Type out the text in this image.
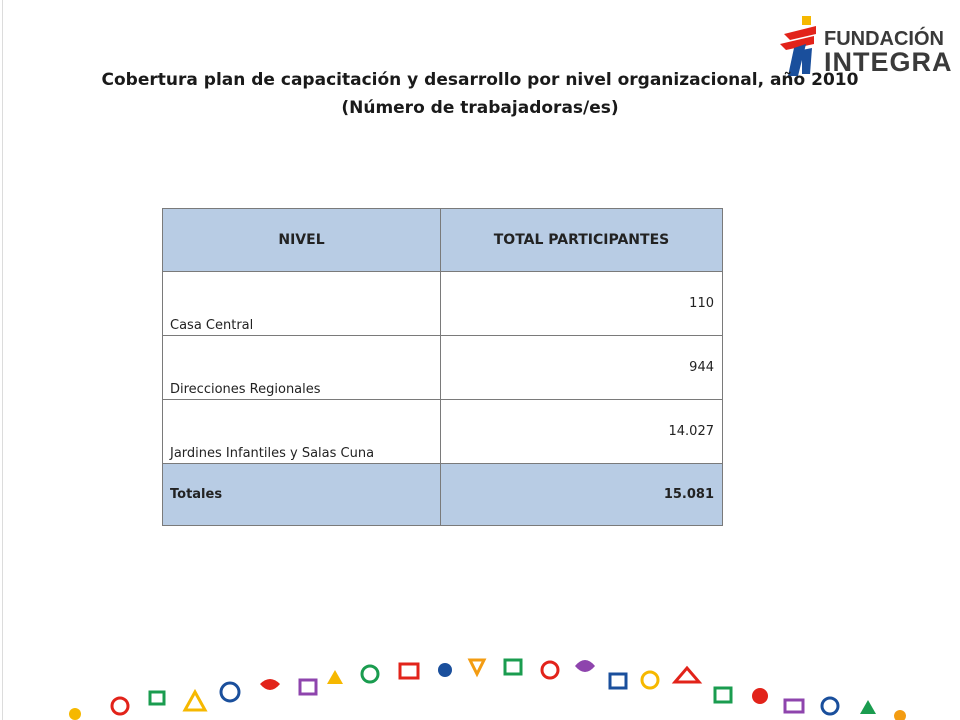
FUNDACIÓN
INTEGRA
Cobertura plan de capacitación y desarrollo por nivel organizacional, año 2010
(Número de trabajadoras/es)
NIVEL	TOTAL PARTICIPANTES
Casa Central	110
Direcciones Regionales	944
Jardines Infantiles y Salas Cuna	14.027
Totales	15.081
